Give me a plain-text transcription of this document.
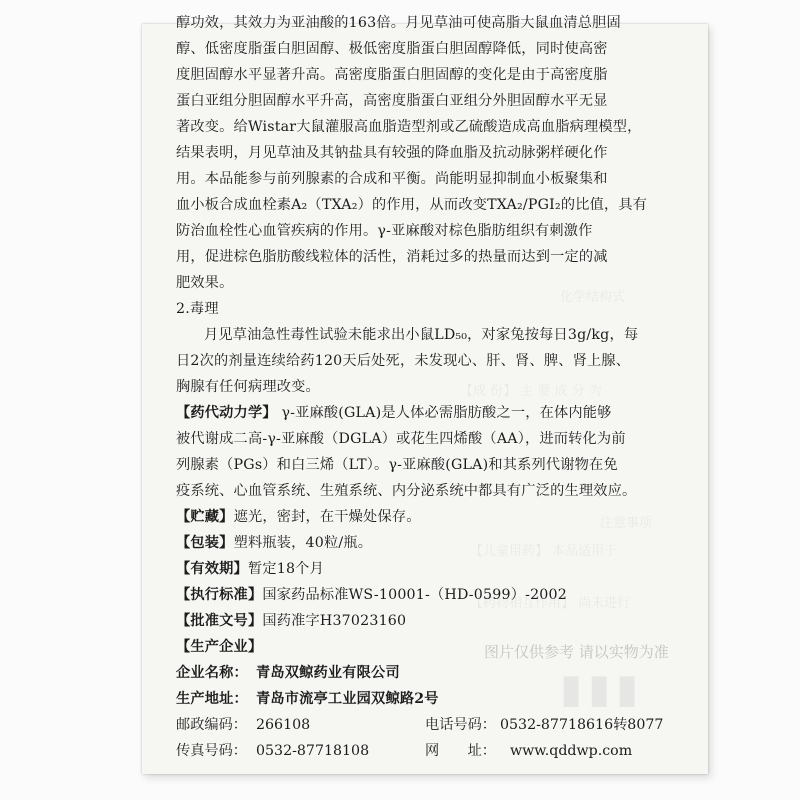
醇功效，其效力为亚油酸的163倍。月见草油可使高脂大鼠血清总胆固
醇、低密度脂蛋白胆固醇、极低密度脂蛋白胆固醇降低，同时使高密
度胆固醇水平显著升高。高密度脂蛋白胆固醇的变化是由于高密度脂
蛋白亚组分胆固醇水平升高，高密度脂蛋白亚组分外胆固醇水平无显
著改变。给Wistar大鼠灌服高血脂造型剂或乙硫酸造成高血脂病理模型，
结果表明，月见草油及其钠盐具有较强的降血脂及抗动脉粥样硬化作
用。本品能参与前列腺素的合成和平衡。尚能明显抑制血小板聚集和
血小板合成血栓素A₂（TXA₂）的作用，从而改变TXA₂/PGI₂的比值，具有
防治血栓性心血管疾病的作用。γ-亚麻酸对棕色脂肪组织有刺激作
用，促进棕色脂肪酸线粒体的活性，消耗过多的热量而达到一定的减
肥效果。
2.毒理
月见草油急性毒性试验未能求出小鼠LD₅₀，对家兔按每日3g/kg，每
日2次的剂量连续给药120天后处死，未发现心、肝、肾、脾、肾上腺、
胸腺有任何病理改变。
【药代动力学】 γ-亚麻酸(GLA)是人体必需脂肪酸之一，在体内能够
被代谢成二高-γ-亚麻酸（DGLA）或花生四烯酸（AA），进而转化为前
列腺素（PGs）和白三烯（LT）。γ-亚麻酸(GLA)和其系列代谢物在免
疫系统、心血管系统、生殖系统、内分泌系统中都具有广泛的生理效应。
【贮藏】遮光，密封，在干燥处保存。
【包装】塑料瓶装，40粒/瓶。
【有效期】暂定18个月
【执行标准】国家药品标准WS-10001-（HD-0599）-2002
【批准文号】国药准字H37023160
【生产企业】
企业名称： 青岛双鲸药业有限公司
生产地址： 青岛市流亭工业园双鲸路2号
邮政编码： 266108	电话号码： 0532-87718616转8077
传真号码： 0532-87718108	网　　址： www.qddwp.com
图片仅供参考 请以实物为准
▮▮▮
